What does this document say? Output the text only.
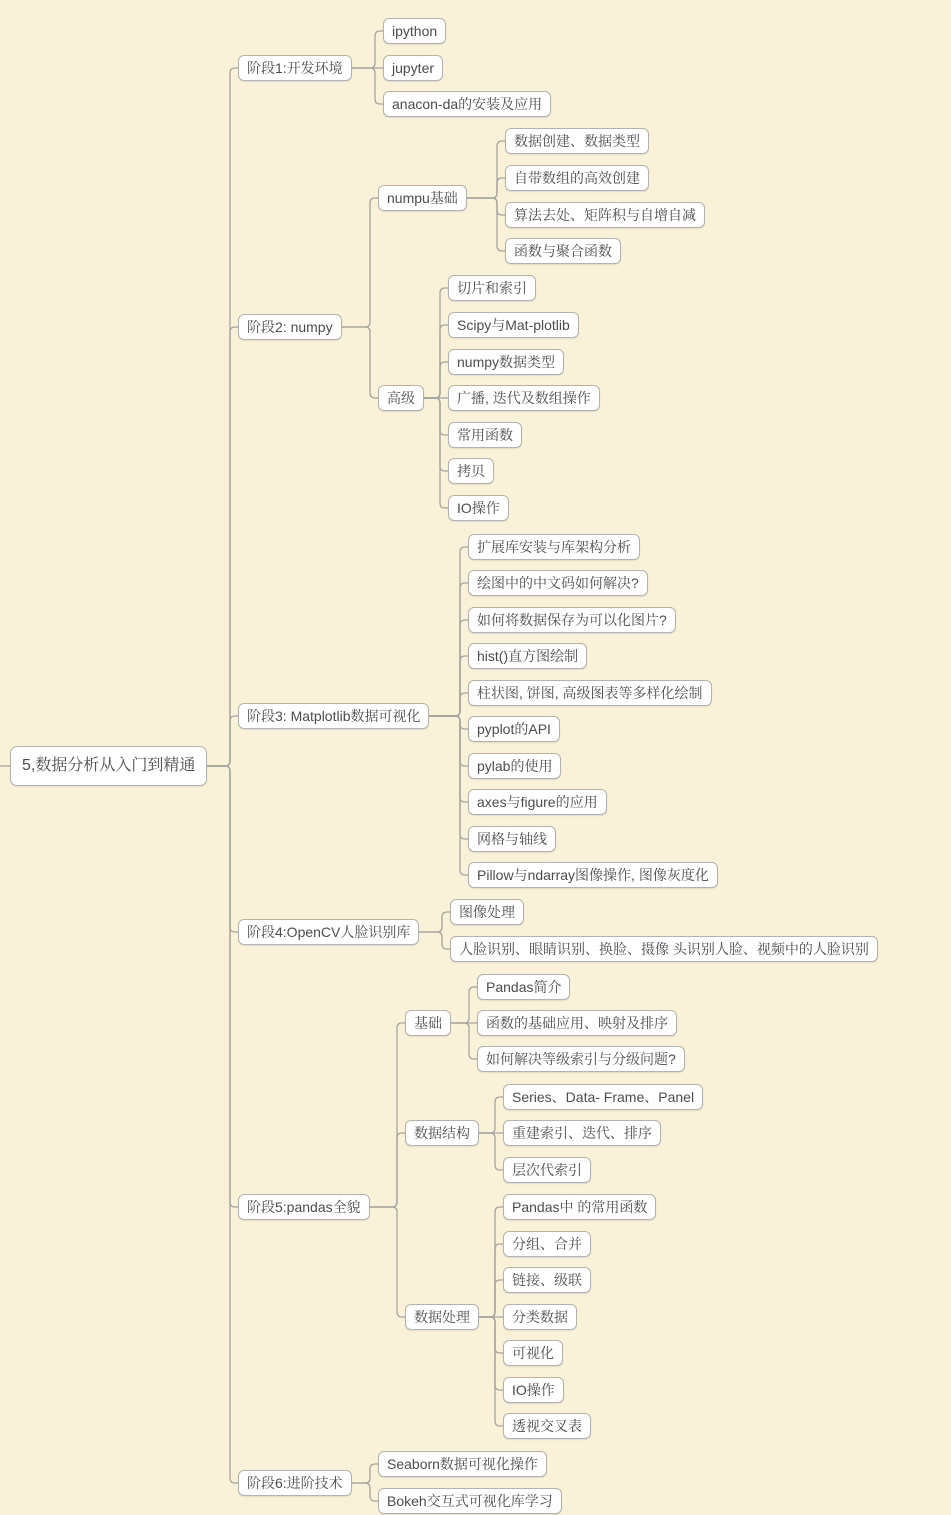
5,数据分析从入门到精通
阶段1:开发环境
ipython
jupyter
anacon-da的安装及应用
阶段2: numpy
numpu基础
数据创建、数据类型
自带数组的高效创建
算法去处、矩阵积与自增自减
函数与聚合函数
高级
切片和索引
Scipy与Mat-plotlib
numpy数据类型
广播, 迭代及数组操作
常用函数
拷贝
IO操作
阶段3: Matplotlib数据可视化
扩展库安装与库架构分析
绘图中的中文码如何解决?
如何将数据保存为可以化图片?
hist()直方图绘制
柱状图, 饼图, 高级图表等多样化绘制
pyplot的API
pylab的使用
axes与figure的应用
网格与轴线
Pillow与ndarray图像操作, 图像灰度化
阶段4:OpenCV人脸识别库
图像处理
人脸识别、眼睛识别、换脸、摄像 头识别人脸、视频中的人脸识别
阶段5:pandas全貌
基础
Pandas简介
函数的基础应用、映射及排序
如何解决等级索引与分级问题?
数据结构
Series、Data- Frame、Panel
重建索引、迭代、排序
层次代索引
数据处理
Pandas中 的常用函数
分组、合并
链接、级联
分类数据
可视化
IO操作
透视交叉表
阶段6:进阶技术
Seaborn数据可视化操作
Bokeh交互式可视化库学习
